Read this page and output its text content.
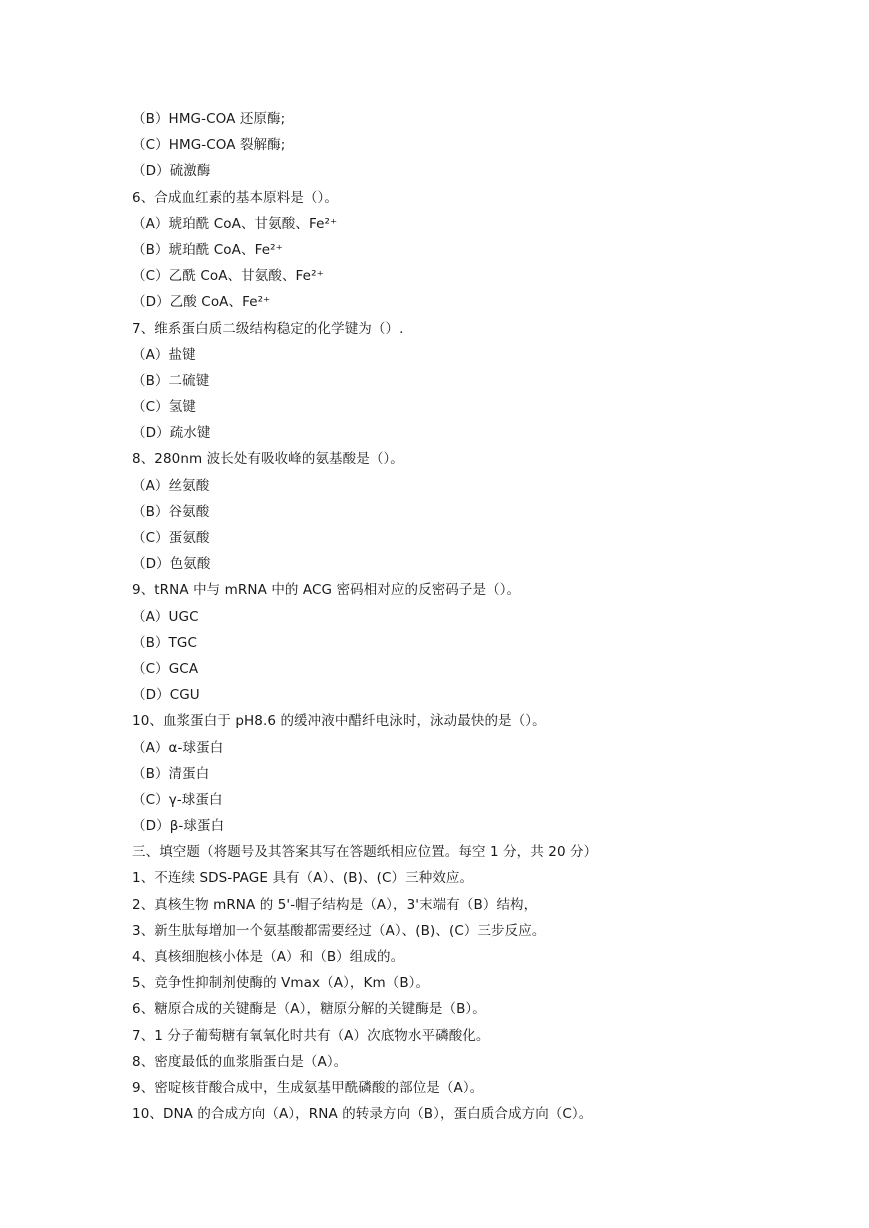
（B）HMG-COA 还原酶;
（C）HMG-COA 裂解酶;
（D）硫激酶
6、合成血红素的基本原料是（）。
（A）琥珀酰 CoA、甘氨酸、Fe²⁺
（B）琥珀酰 CoA、Fe²⁺
（C）乙酰 CoA、甘氨酸、Fe²⁺
（D）乙酸 CoA、Fe²⁺
7、维系蛋白质二级结构稳定的化学键为（）.
（A）盐键
（B）二硫键
（C）氢键
（D）疏水键
8、280nm 波长处有吸收峰的氨基酸是（）。
（A）丝氨酸
（B）谷氨酸
（C）蛋氨酸
（D）色氨酸
9、tRNA 中与 mRNA 中的 ACG 密码相对应的反密码子是（）。
（A）UGC
（B）TGC
（C）GCA
（D）CGU
10、血浆蛋白于 pH8.6 的缓冲液中醋纤电泳时，泳动最快的是（）。
（A）α-球蛋白
（B）清蛋白
（C）γ-球蛋白
（D）β-球蛋白
三、填空题（将题号及其答案其写在答题纸相应位置。每空 1 分，共 20 分）
1、不连续 SDS-PAGE 具有（A）、(B)、(C）三种效应。
2、真核生物 mRNA 的 5'-帽子结构是（A），3'末端有（B）结构，
3、新生肽每增加一个氨基酸都需要经过（A）、(B)、(C）三步反应。
4、真核细胞核小体是（A）和（B）组成的。
5、竞争性抑制剂使酶的 Vmax（A），Km（B）。
6、糖原合成的关键酶是（A），糖原分解的关键酶是（B）。
7、1 分子葡萄糖有氧氧化时共有（A）次底物水平磷酸化。
8、密度最低的血浆脂蛋白是（A）。
9、密啶核苷酸合成中，生成氨基甲酰磷酸的部位是（A）。
10、DNA 的合成方向（A），RNA 的转录方向（B），蛋白质合成方向（C）。
